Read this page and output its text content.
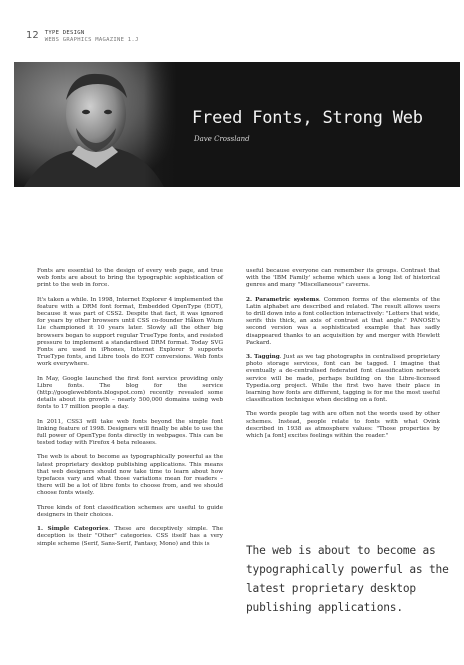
12 TYPE DESIGN
WEBS GRAPHICS MAGAZINE 1.J
Freed Fonts, Strong Web
Dave Crossland

Fonts are essential to the design of every web page, and true web fonts are about to bring the typographic sophistication of print to the web in force.

It's taken a while. In 1998, Internet Explorer 4 implemented the feature with a DRM font format, Embedded OpenType (EOT), because it was part of CSS2. Despite that fact, it was ignored for years by other browsers until CSS co-founder Håkon Wium Lie championed it 10 years later. Slowly all the other big browsers began to support regular TrueType fonts, and resisted pressure to implement a standardised DRM format. Today SVG Fonts are used in iPhones, Internet Explorer 9 supports TrueType fonts, and Libre tools do EOT conversions. Web fonts work everywhere.

In May, Google launched the first font service providing only Libre fonts. The blog for the service (http://googlewebfonts.blogspot.com) recently revealed some details about its growth – nearly 500,000 domains using web fonts to 17 million people a day.

In 2011, CSS3 will take web fonts beyond the simple font linking feature of 1998. Designers will finally be able to use the full power of OpenType fonts directly in webpages. This can be tested today with Firefox 4 beta releases.

The web is about to become as typographically powerful as the latest proprietary desktop publishing applications. This means that web designers should now take time to learn about how typefaces vary and what those variations mean for readers – there will be a lot of libre fonts to choose from, and we should choose fonts wisely.

Three kinds of font classification schemes are useful to guide designers in their choices.

1. Simple Categories. These are deceptively simple. The deception is their "Other" categories. CSS itself has a very simple scheme (Serif, Sans-Serif, Fantasy, Mono) and this is

useful because everyone can remember its groups. Contrast that with the 'IBM Family' scheme which uses a long list of historical genres and many "Miscellaneous" caverns.

2. Parametric systems. Common forms of the elements of the Latin alphabet are described and related. The result allows users to drill down into a font collection interactively: "Letters that wide, serifs this thick, an axis of contrast at that angle." PANOSE's second version was a sophisticated example that has sadly disappeared thanks to an acquisition by and merger with Hewlett Packard.

3. Tagging. Just as we tag photographs in centralised proprietary photo storage services, font can be tagged. I imagine that eventually a de-centralised federated font classification network service will be made, perhaps building on the Libre-licensed Typedia.org project. While the first two have their place in learning how fonts are different, tagging is for me the most useful classification technique when deciding on a font.

The words people tag with are often not the words used by other schemes. Instead, people relate to fonts with what Ovink described in 1938 as atmosphere values: "Those properties by which [a font] excites feelings within the reader."

The web is about to become as typographically powerful as the latest proprietary desktop publishing applications.
